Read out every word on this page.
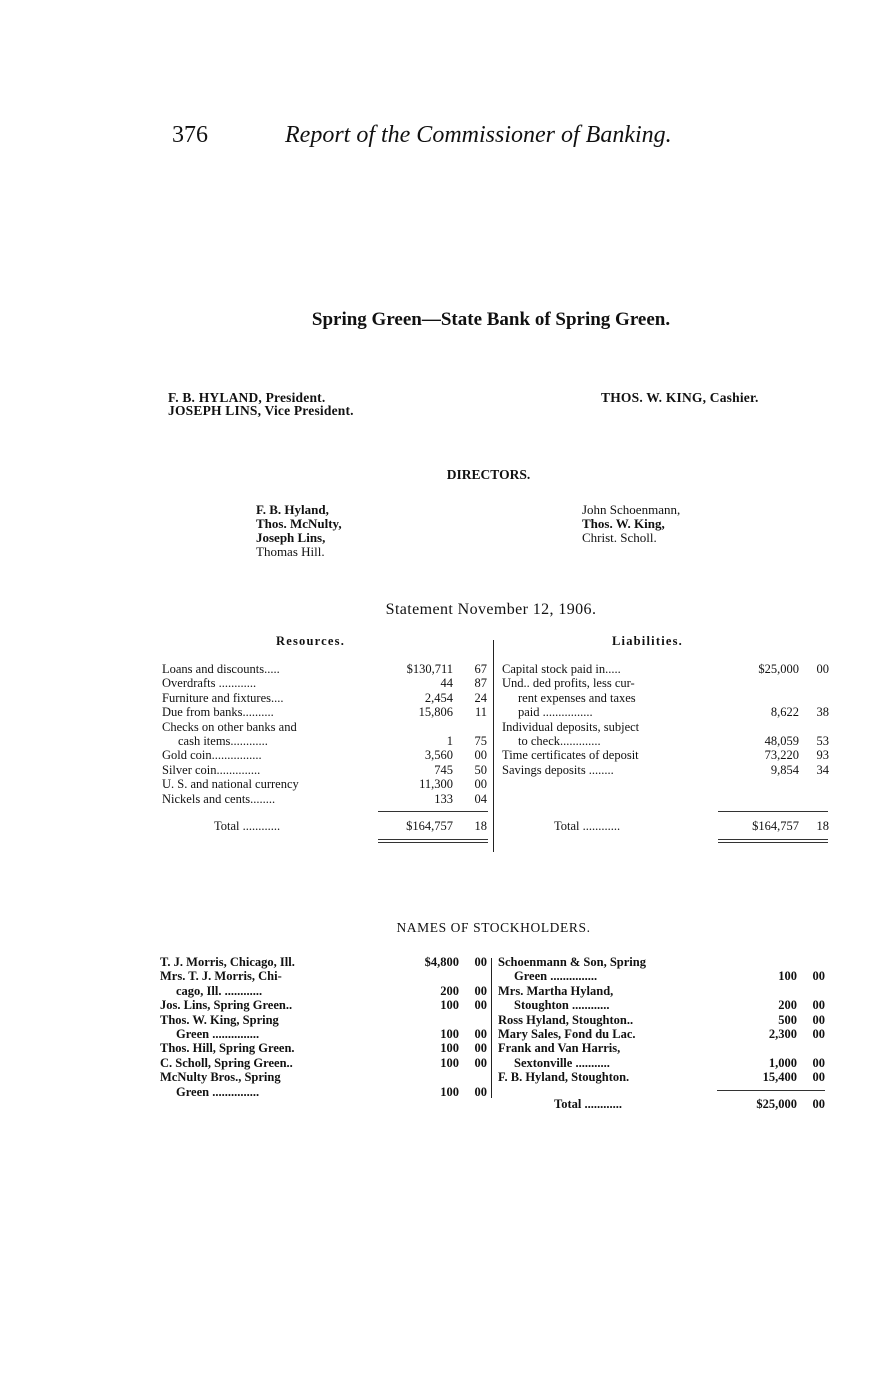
376	Report of the Commissioner of Banking.
Spring Green—State Bank of Spring Green.
F. B. HYLAND, President.
JOSEPH LINS, Vice President.
THOS. W. KING, Cashier.
DIRECTORS.
F. B. Hyland,
Thos. McNulty,
Joseph Lins,
Thomas Hill.
John Schoenmann,
Thos. W. King,
Christ. Scholl.
Statement November 12, 1906.
Resources.	Liabilities.
Loans and discounts.....	$130,711	67
Overdrafts ............	44	87
Furniture and fixtures....	2,454	24
Due from banks..........	15,806	11
Checks on other banks and		
cash items............	1	75
Gold coin................	3,560	00
Silver coin..............	745	50
U. S. and national currency	11,300	00
Nickels and cents........	133	04
Capital stock paid in.....	$25,000	00
Und.. ded profits, less cur-		
rent expenses and taxes		
paid ................	8,622	38
Individual deposits, subject		
to check.............	48,059	53
Time certificates of deposit	73,220	93
Savings deposits ........	9,854	34
Total ............	$164,757	18	Total ............	$164,757	18
NAMES OF STOCKHOLDERS.
T. J. Morris, Chicago, Ill.	$4,800	00
Mrs. T. J. Morris, Chi-		
cago, Ill. ............	200	00
Jos. Lins, Spring Green..	100	00
Thos. W. King, Spring		
Green ...............	100	00
Thos. Hill, Spring Green.	100	00
C. Scholl, Spring Green..	100	00
McNulty Bros., Spring		
Green ...............	100	00
Schoenmann & Son, Spring		
Green ...............	100	00
Mrs. Martha Hyland,		
Stoughton ............	200	00
Ross Hyland, Stoughton..	500	00
Mary Sales, Fond du Lac.	2,300	00
Frank and Van Harris,		
Sextonville ...........	1,000	00
F. B. Hyland, Stoughton.	15,400	00
Total ............	$25,000	00
